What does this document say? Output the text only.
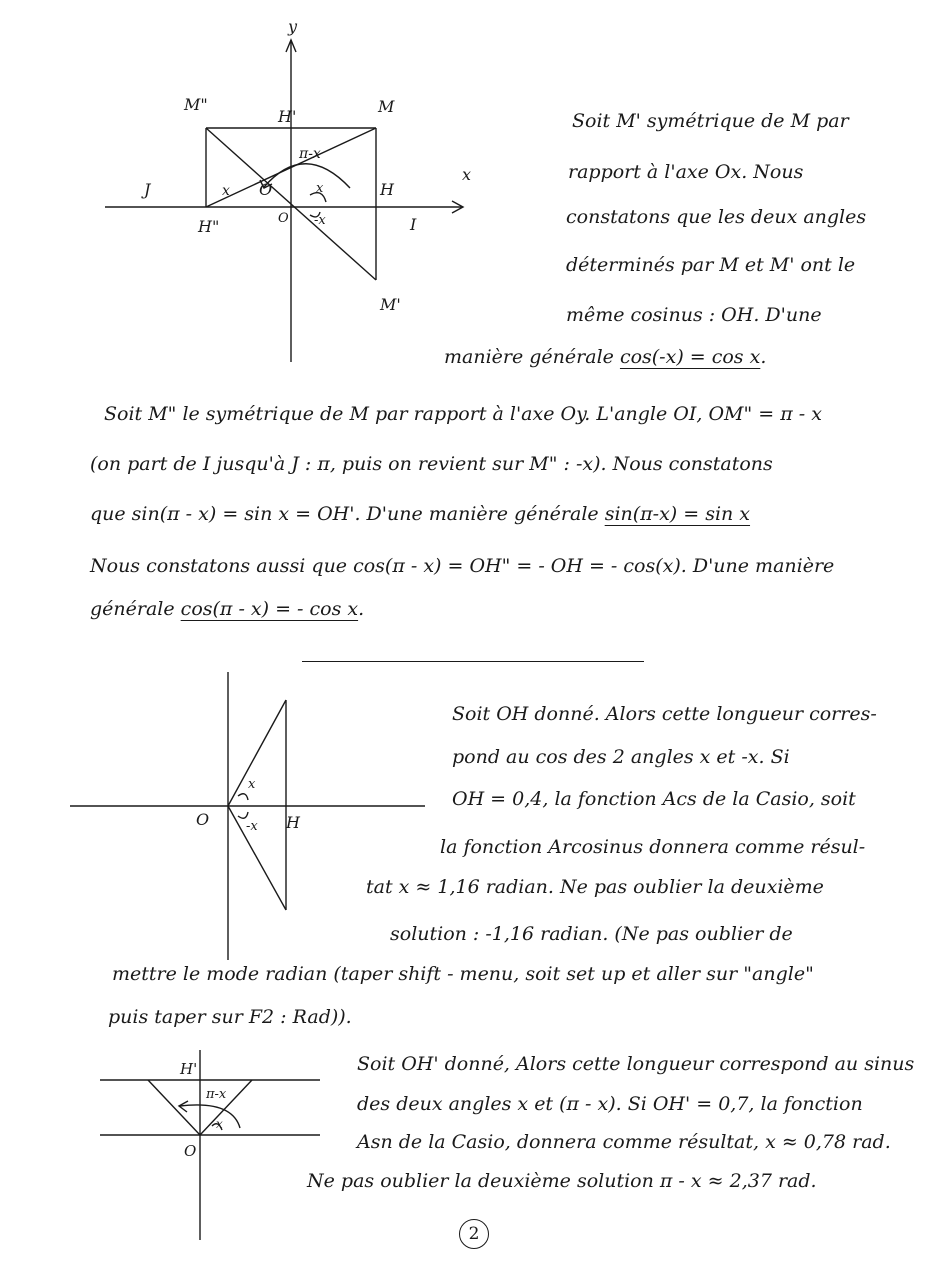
y
x
M
M"
M'
H
H'
H"
O
O	I
J
π-x
x	x
-x
Soit M' symétrique de M par
rapport à l'axe Ox. Nous
constatons que les deux angles
déterminés par M et M' ont le
même cosinus : OH. D'une
manière générale cos(-x) = cos x.
Soit M" le symétrique de M par rapport à l'axe Oy. L'angle OI, OM" = π - x
(on part de I jusqu'à J : π, puis on revient sur M" : -x). Nous constatons
que sin(π - x) = sin x = OH'. D'une manière générale sin(π-x) = sin x
Nous constatons aussi que cos(π - x) = OH" = - OH = - cos(x). D'une manière
générale cos(π - x) = - cos x.
O	H
x
-x
Soit OH donné. Alors cette longueur corres-
pond au cos des 2 angles x et -x. Si
OH = 0,4, la fonction Acs de la Casio, soit
la fonction Arcosinus donnera comme résul-
tat x ≈ 1,16 radian. Ne pas oublier la deuxième
solution : -1,16 radian. (Ne pas oublier de
mettre le mode radian (taper shift - menu, soit set up et aller sur "angle"
puis taper sur F2 : Rad)).
H'
O
π-x
x
Soit OH' donné, Alors cette longueur correspond au sinus
des deux angles x et (π - x). Si OH' = 0,7, la fonction
Asn de la Casio, donnera comme résultat, x ≈ 0,78 rad.
Ne pas oublier la deuxième solution π - x ≈ 2,37 rad.
2
